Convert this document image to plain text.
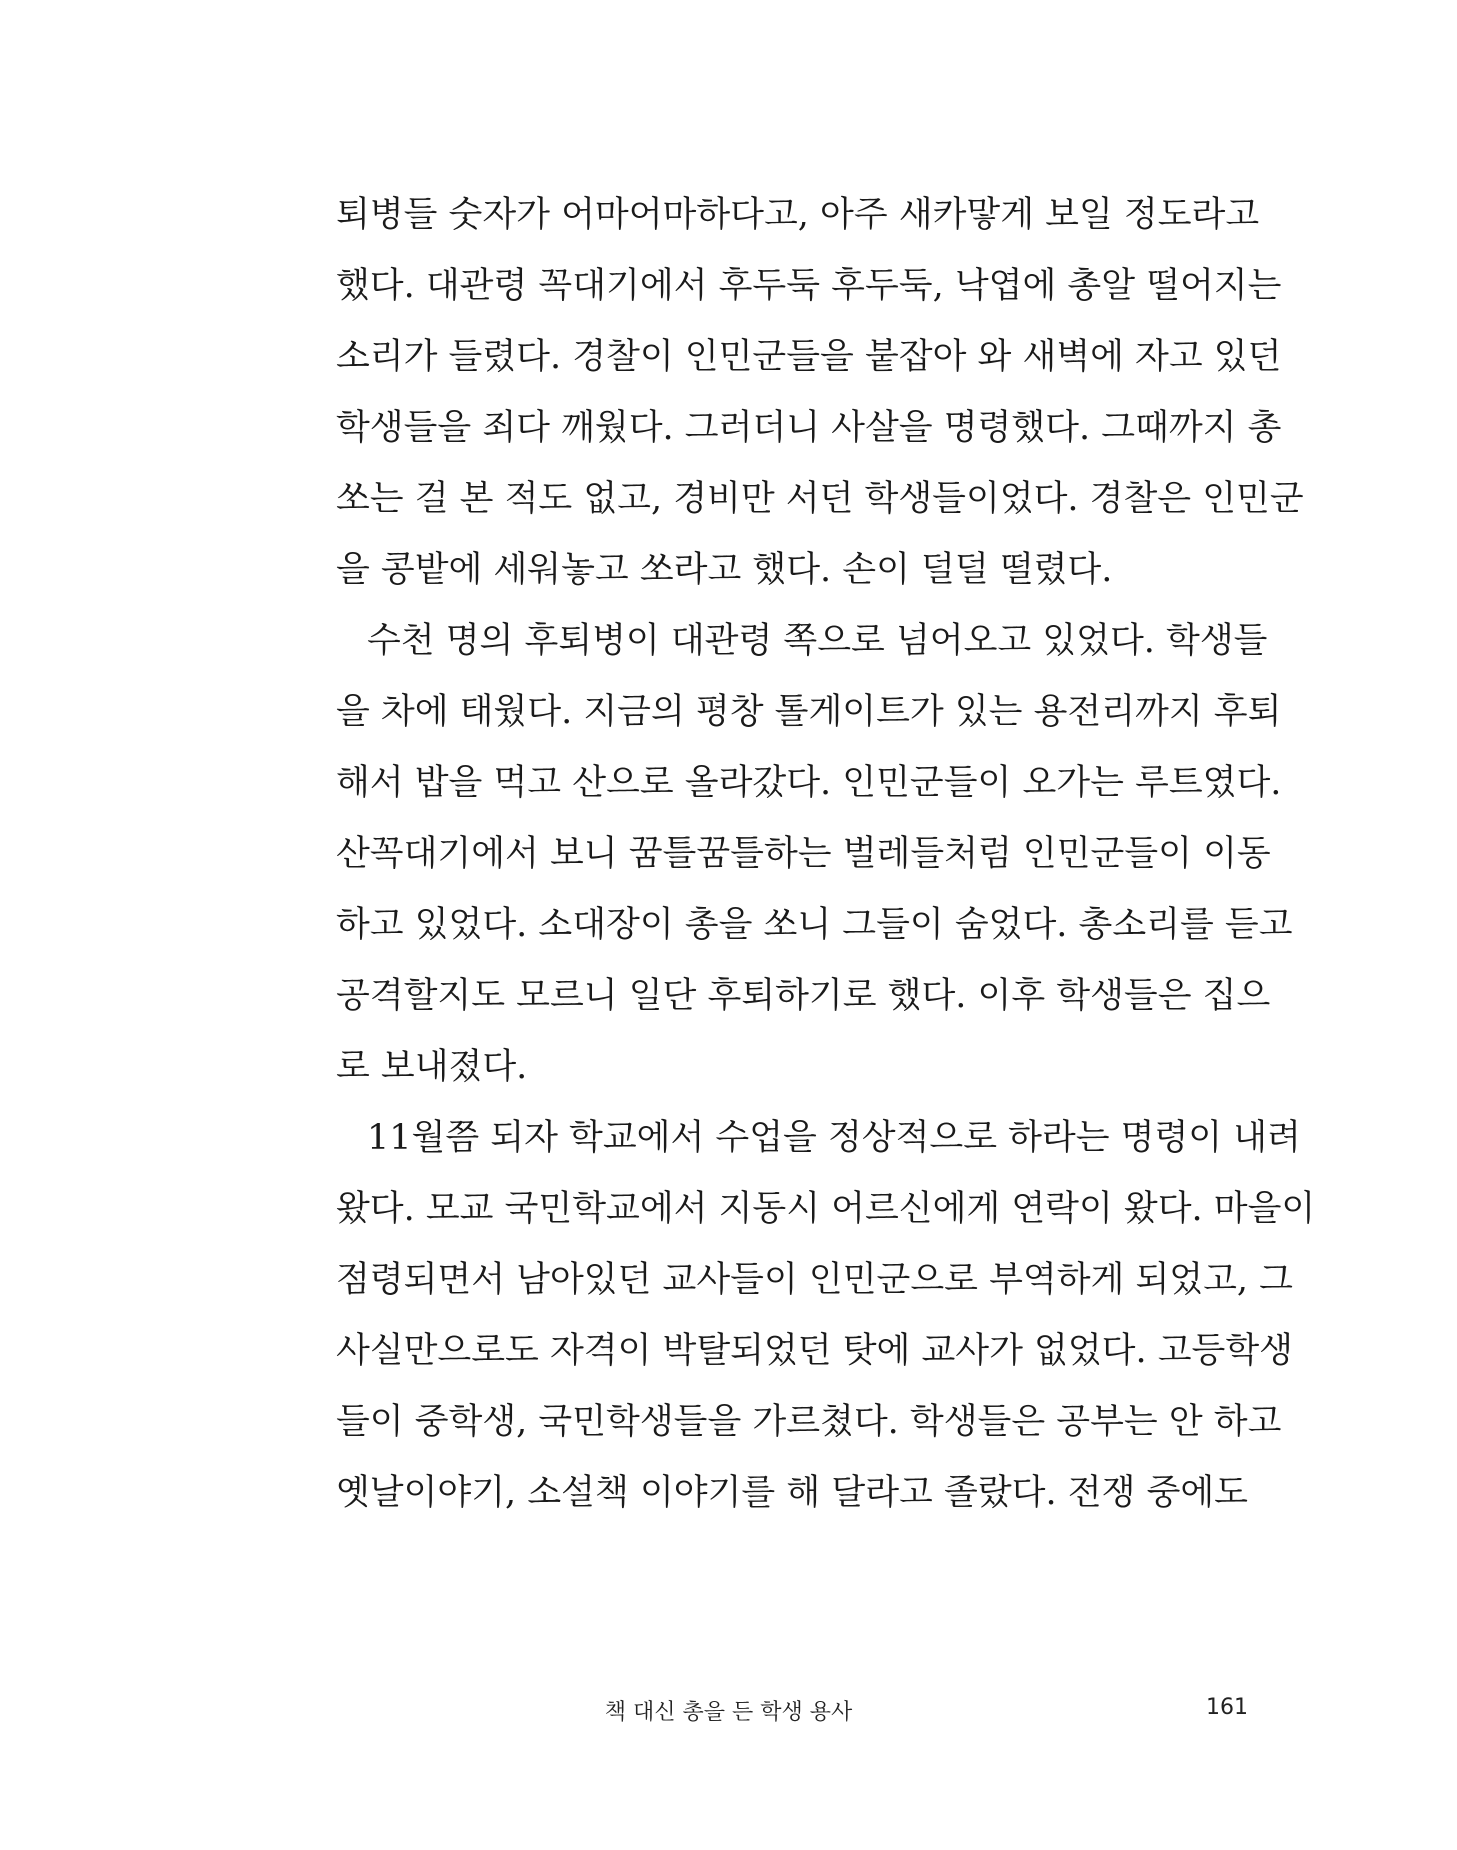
퇴병들 숫자가 어마어마하다고, 아주 새카맣게 보일 정도라고
했다. 대관령 꼭대기에서 후두둑 후두둑, 낙엽에 총알 떨어지는
소리가 들렸다. 경찰이 인민군들을 붙잡아 와 새벽에 자고 있던
학생들을 죄다 깨웠다. 그러더니 사살을 명령했다. 그때까지 총
쏘는 걸 본 적도 없고, 경비만 서던 학생들이었다. 경찰은 인민군
을 콩밭에 세워놓고 쏘라고 했다. 손이 덜덜 떨렸다.
수천 명의 후퇴병이 대관령 쪽으로 넘어오고 있었다. 학생들
을 차에 태웠다. 지금의 평창 톨게이트가 있는 용전리까지 후퇴
해서 밥을 먹고 산으로 올라갔다. 인민군들이 오가는 루트였다.
산꼭대기에서 보니 꿈틀꿈틀하는 벌레들처럼 인민군들이 이동
하고 있었다. 소대장이 총을 쏘니 그들이 숨었다. 총소리를 듣고
공격할지도 모르니 일단 후퇴하기로 했다. 이후 학생들은 집으
로 보내졌다.
11월쯤 되자 학교에서 수업을 정상적으로 하라는 명령이 내려
왔다. 모교 국민학교에서 지동시 어르신에게 연락이 왔다. 마을이
점령되면서 남아있던 교사들이 인민군으로 부역하게 되었고, 그
사실만으로도 자격이 박탈되었던 탓에 교사가 없었다. 고등학생
들이 중학생, 국민학생들을 가르쳤다. 학생들은 공부는 안 하고
옛날이야기, 소설책 이야기를 해 달라고 졸랐다. 전쟁 중에도
책 대신 총을 든 학생 용사	161
